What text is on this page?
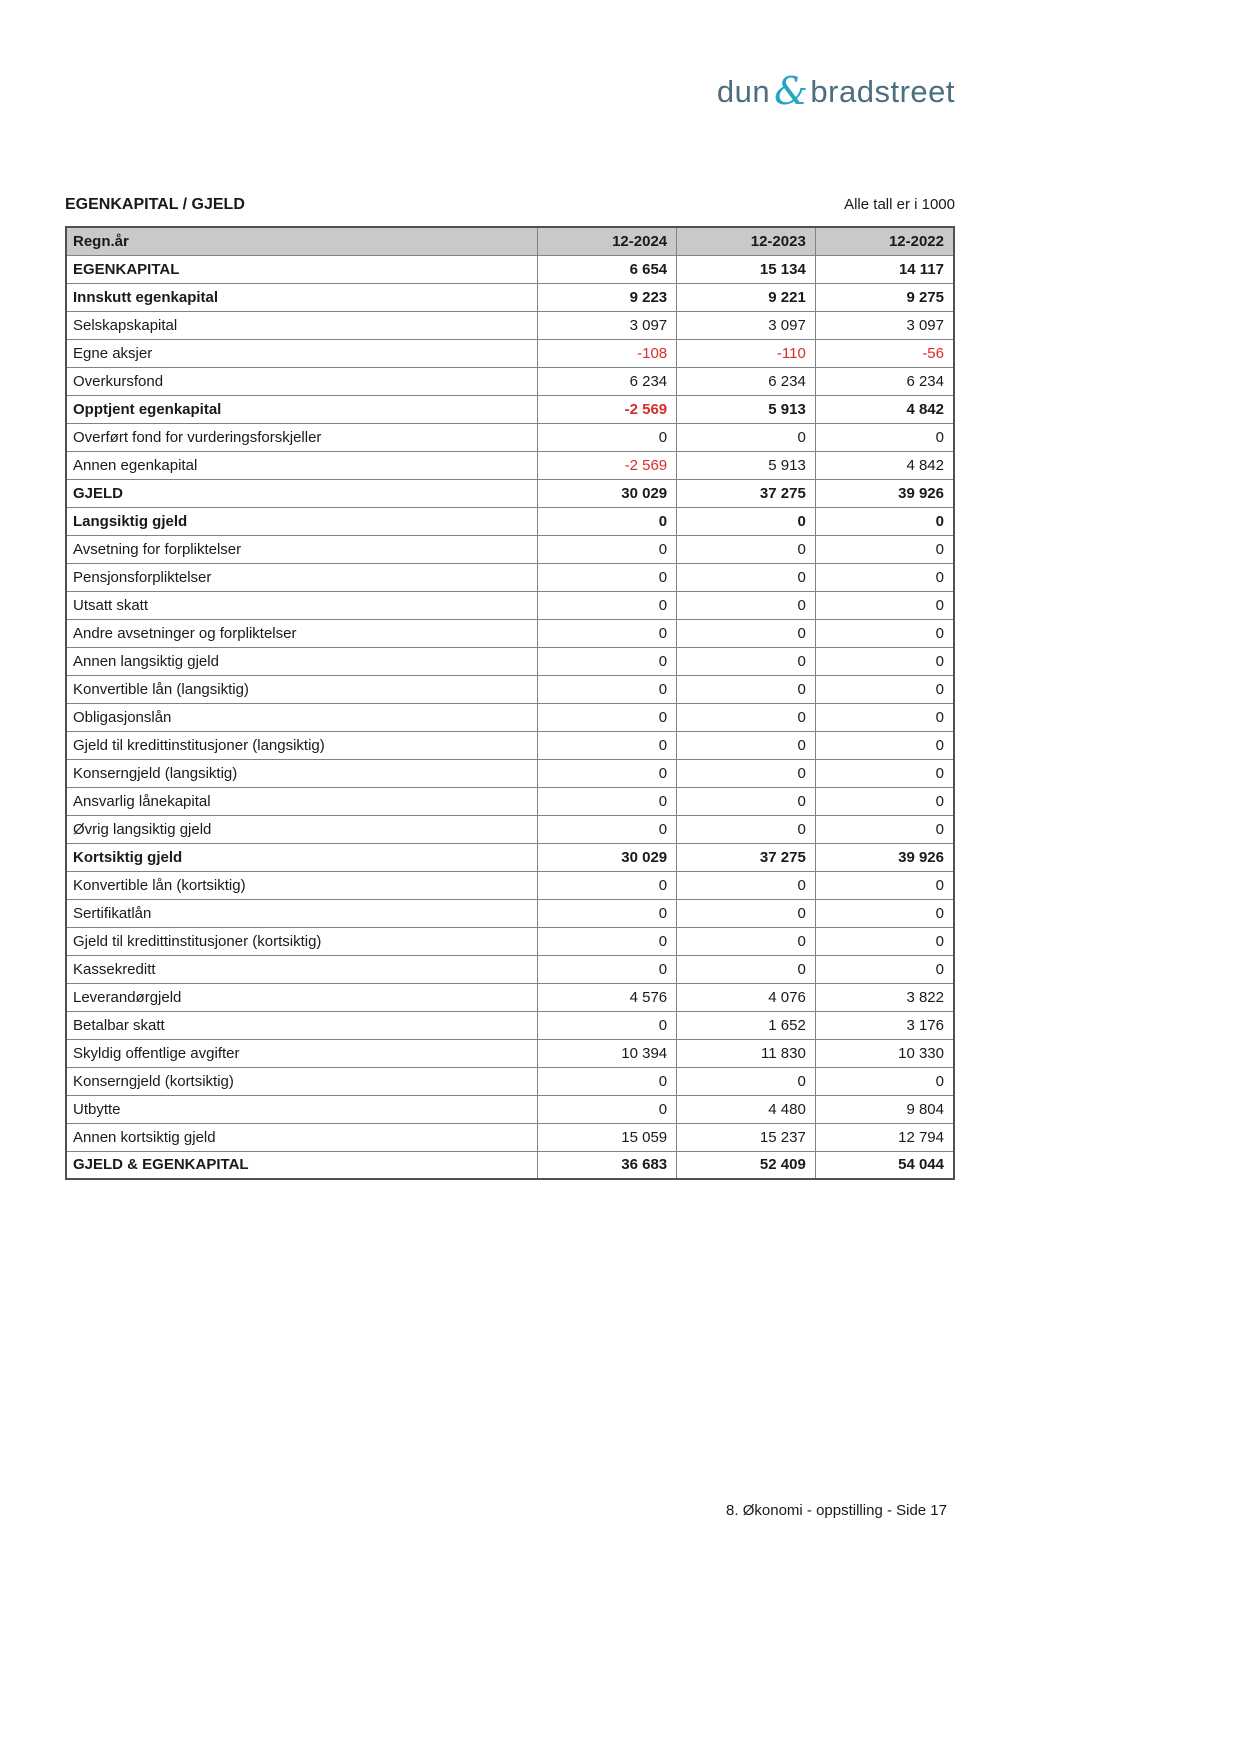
dun &bradstreet
EGENKAPITAL / GJELD	Alle tall er i 1000
Regn.år	12-2024	12-2023	12-2022
EGENKAPITAL	6 654	15 134	14 117
Innskutt egenkapital	9 223	9 221	9 275
Selskapskapital	3 097	3 097	3 097
Egne aksjer	-108	-110	-56
Overkursfond	6 234	6 234	6 234
Opptjent egenkapital	-2 569	5 913	4 842
Overført fond for vurderingsforskjeller	0	0	0
Annen egenkapital	-2 569	5 913	4 842
GJELD	30 029	37 275	39 926
Langsiktig gjeld	0	0	0
Avsetning for forpliktelser	0	0	0
Pensjonsforpliktelser	0	0	0
Utsatt skatt	0	0	0
Andre avsetninger og forpliktelser	0	0	0
Annen langsiktig gjeld	0	0	0
Konvertible lån (langsiktig)	0	0	0
Obligasjonslån	0	0	0
Gjeld til kredittinstitusjoner (langsiktig)	0	0	0
Konserngjeld (langsiktig)	0	0	0
Ansvarlig lånekapital	0	0	0
Øvrig langsiktig gjeld	0	0	0
Kortsiktig gjeld	30 029	37 275	39 926
Konvertible lån (kortsiktig)	0	0	0
Sertifikatlån	0	0	0
Gjeld til kredittinstitusjoner (kortsiktig)	0	0	0
Kassekreditt	0	0	0
Leverandørgjeld	4 576	4 076	3 822
Betalbar skatt	0	1 652	3 176
Skyldig offentlige avgifter	10 394	11 830	10 330
Konserngjeld (kortsiktig)	0	0	0
Utbytte	0	4 480	9 804
Annen kortsiktig gjeld	15 059	15 237	12 794
GJELD & EGENKAPITAL	36 683	52 409	54 044
8. Økonomi - oppstilling - Side 17
